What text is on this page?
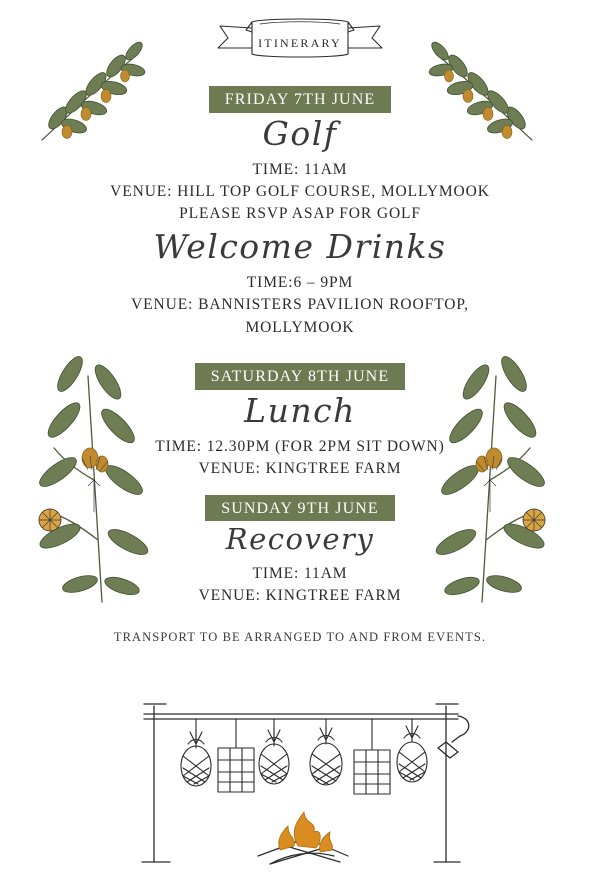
ITINERARY
FRIDAY 7TH JUNE
Golf
TIME: 11AM
VENUE: HILL TOP GOLF COURSE, MOLLYMOOK
PLEASE RSVP ASAP FOR GOLF
Welcome Drinks
TIME:6 – 9PM
VENUE: BANNISTERS PAVILION ROOFTOP,
MOLLYMOOK
SATURDAY 8TH JUNE
Lunch
TIME: 12.30PM (FOR 2PM SIT DOWN)
VENUE: KINGTREE FARM
SUNDAY 9TH JUNE
Recovery
TIME: 11AM
VENUE: KINGTREE FARM
TRANSPORT TO BE ARRANGED TO AND FROM EVENTS.
